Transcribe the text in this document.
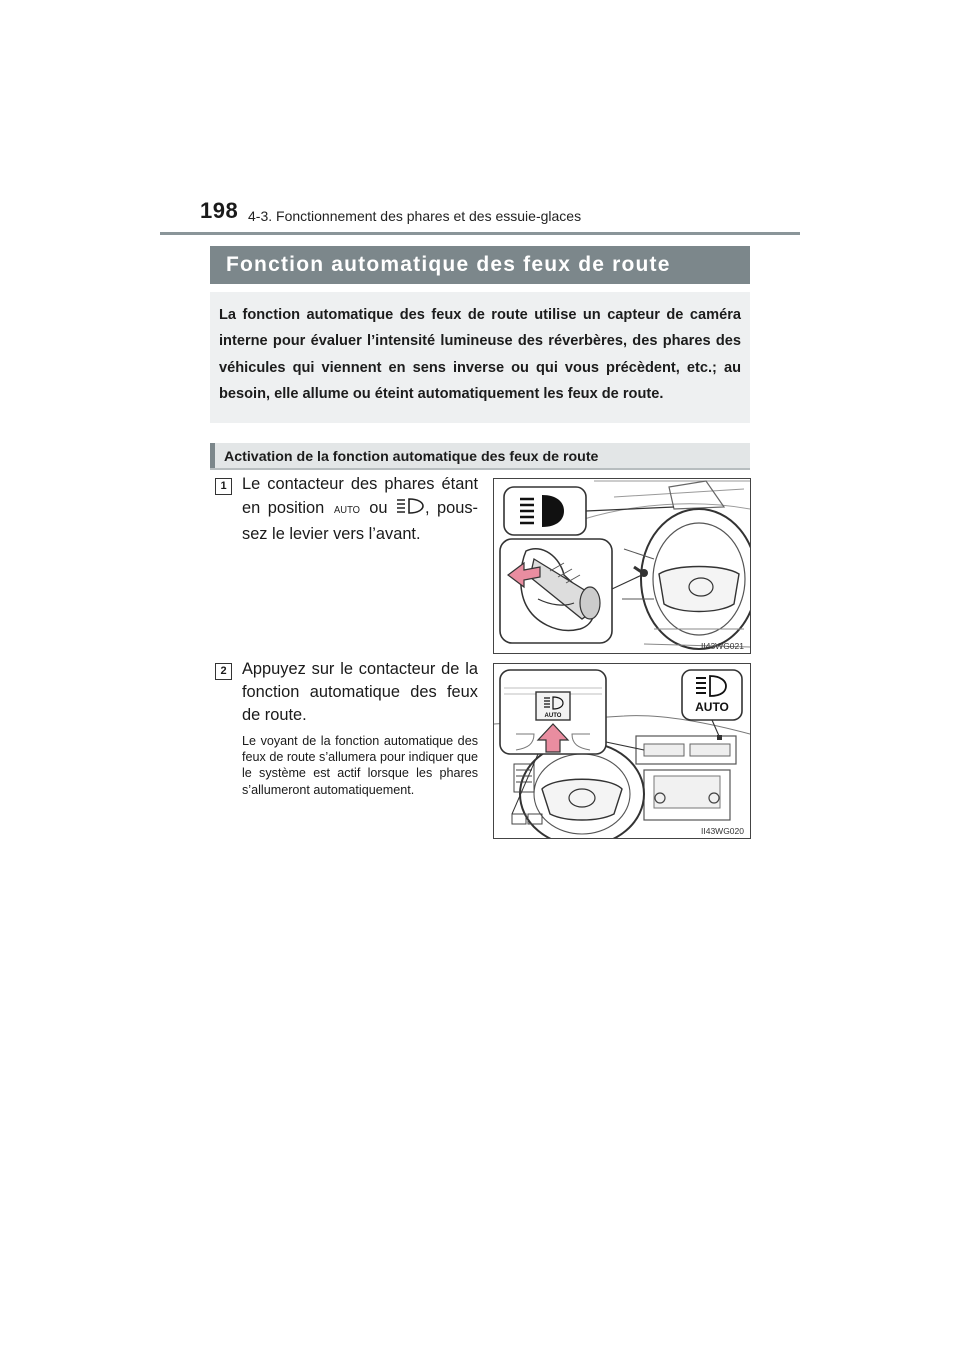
198 4-3. Fonctionnement des phares et des essuie-glaces
Fonction automatique des feux de route
La fonction automatique des feux de route utilise un capteur de caméra interne pour évaluer l’intensité lumineuse des réverbères, des phares des véhicules qui viennent en sens inverse ou qui vous précèdent, etc.; au besoin, elle allume ou éteint automatiquement les feux de route.
Activation de la fonction automatique des feux de route
1 Le contacteur des phares étant en position AUTO ou , poussez le levier vers l’avant.
II43WG021
2 Appuyez sur le contacteur de la fonction automatique des feux de route.
Le voyant de la fonction automatique des feux de route s’allumera pour indiquer que le système est actif lorsque les phares s’allumeront automatiquement.
AUTO
AUTO
II43WG020
